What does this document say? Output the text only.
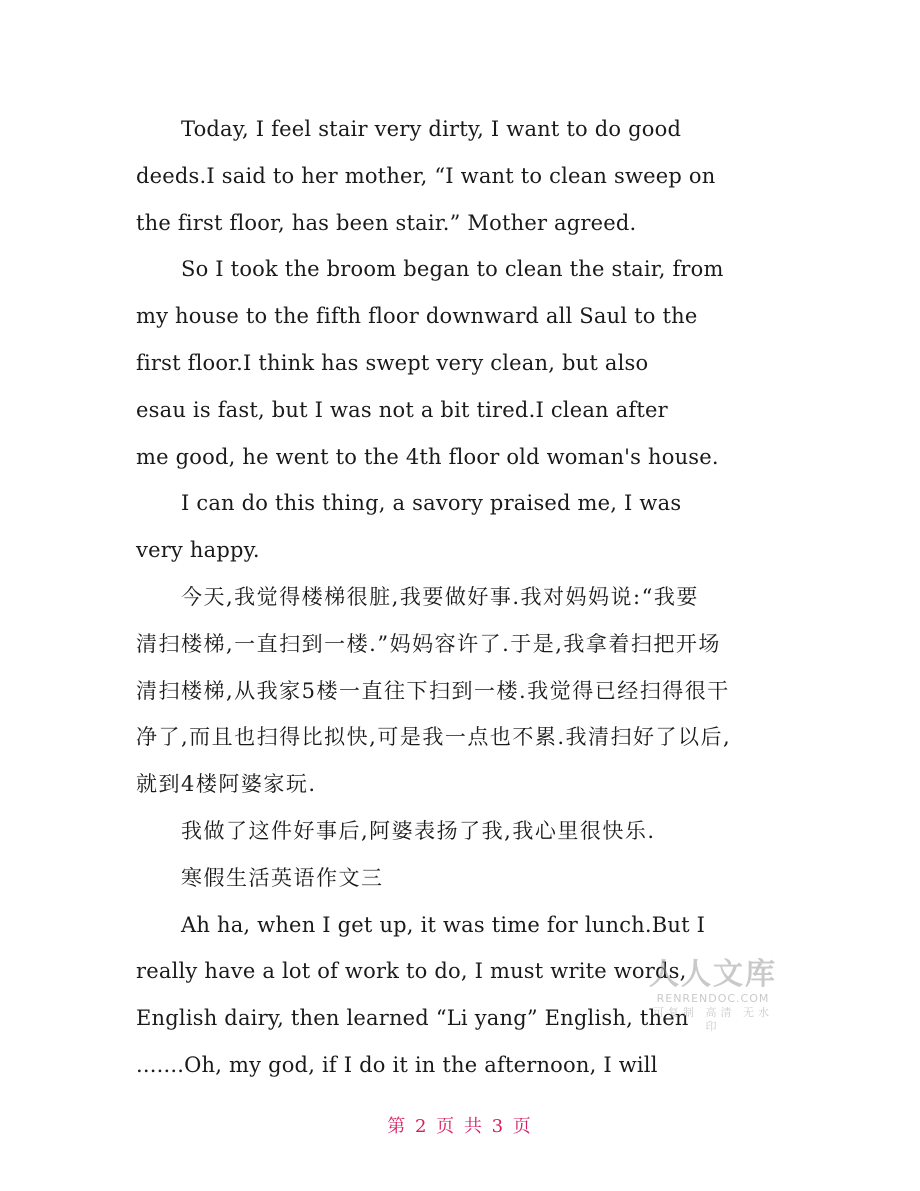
Today, I feel stair very dirty, I want to do good
deeds.I said to her mother, “I want to clean sweep on
the first floor, has been stair.” Mother agreed.
So I took the broom began to clean the stair, from
my house to the fifth floor downward all Saul to the
first floor.I think has swept very clean, but also
esau is fast, but I was not a bit tired.I clean after
me good, he went to the 4th floor old woman's house.
I can do this thing, a savory praised me, I was
very happy.
今天,我觉得楼梯很脏,我要做好事.我对妈妈说:“我要
清扫楼梯,一直扫到一楼.”妈妈容许了.于是,我拿着扫把开场
清扫楼梯,从我家5楼一直往下扫到一楼.我觉得已经扫得很干
净了,而且也扫得比拟快,可是我一点也不累.我清扫好了以后,
就到4楼阿婆家玩.
我做了这件好事后,阿婆表扬了我,我心里很快乐.
寒假生活英语作文三
Ah ha, when I get up, it was time for lunch.But I
really have a lot of work to do, I must write words,
English dairy, then learned “Li yang” English, then
.......Oh, my god, if I do it in the afternoon, I will
人人文库
RENRENDOC.COM
可复制 高清 无水印
第 2 页 共 3 页
